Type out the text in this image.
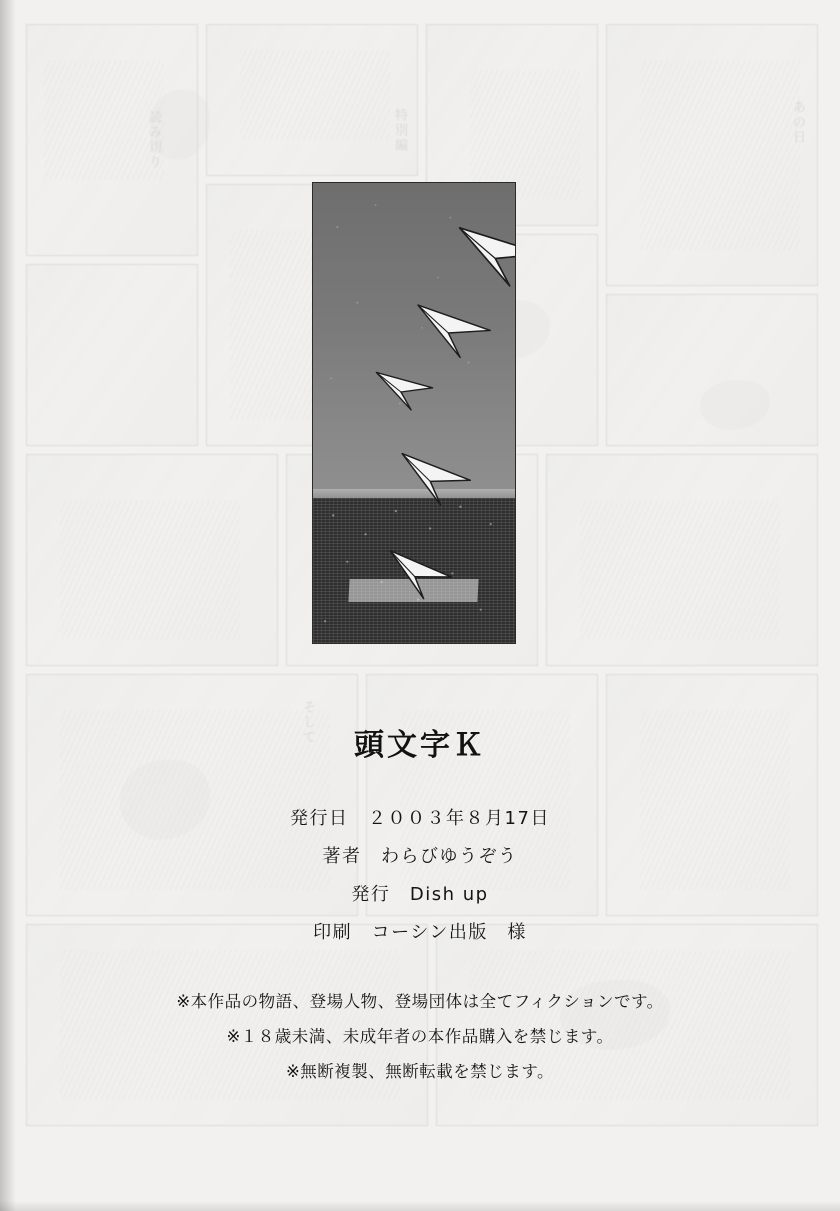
読み切り	特別編	あの日
そして
頭文字Ｋ

発行日　２００３年８月17日

著者　わらびゆうぞう

発行　Dish up

印刷　コーシン出版　様

※本作品の物語、登場人物、登場団体は全てフィクションです。

※１８歳未満、未成年者の本作品購入を禁じます。

※無断複製、無断転載を禁じます。
